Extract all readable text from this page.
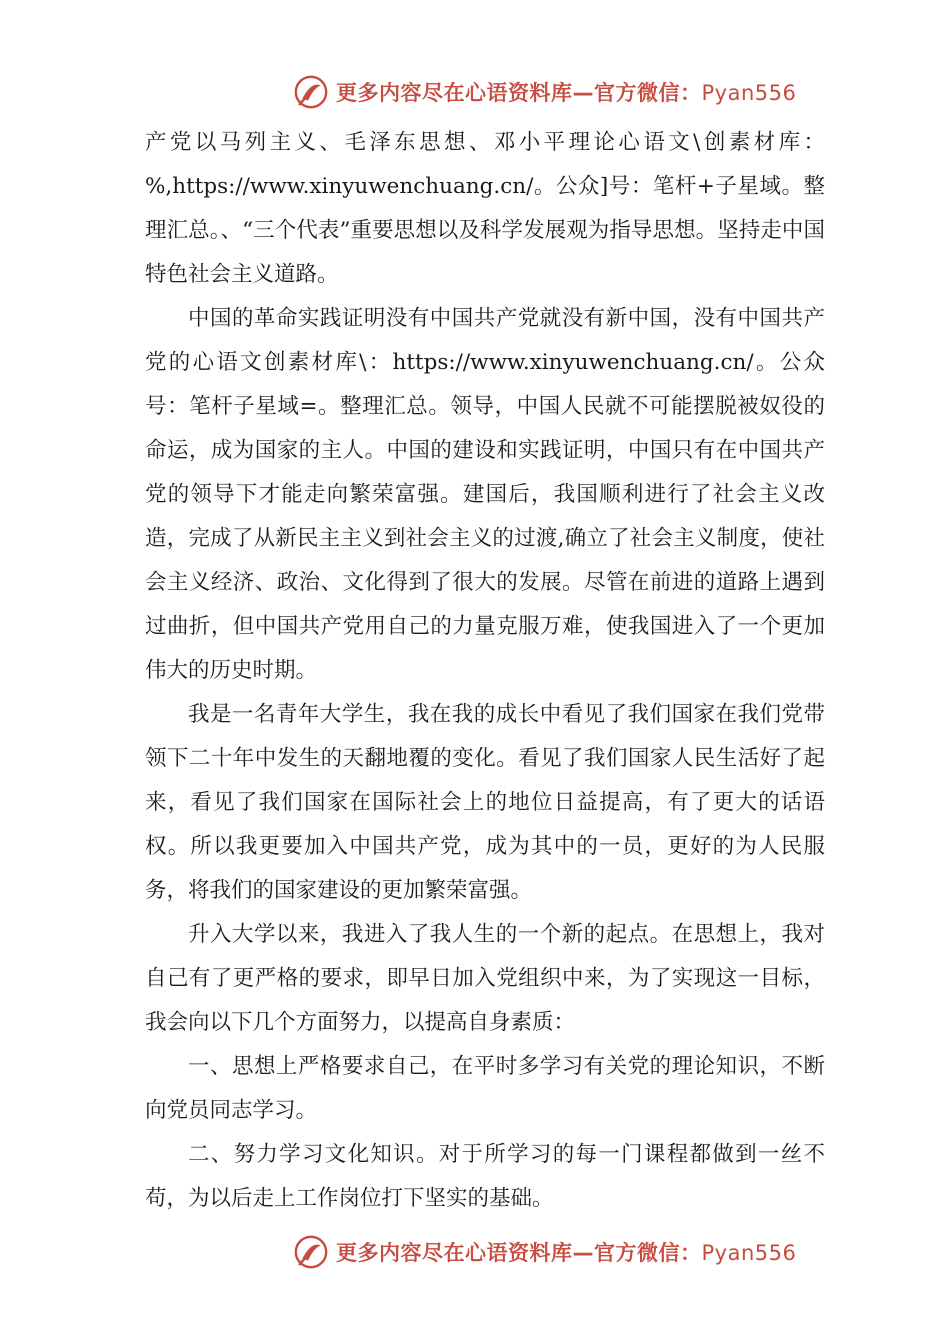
更多内容尽在心语资料库—官方微信：Pyan556

产党以马列主义、毛泽东思想、邓小平理论心语文\创素材库：%,https://www.xinyuwenchuang.cn/。公众]号：笔杆+子星域。整理汇总。、“三个代表”重要思想以及科学发展观为指导思想。坚持走中国特色社会主义道路。

中国的革命实践证明没有中国共产党就没有新中国，没有中国共产党的心语文创素材库\：https://www.xinyuwenchuang.cn/。公众号：笔杆子星域=。整理汇总。领导，中国人民就不可能摆脱被奴役的命运，成为国家的主人。中国的建设和实践证明，中国只有在中国共产党的领导下才能走向繁荣富强。建国后，我国顺利进行了社会主义改造，完成了从新民主主义到社会主义的过渡,确立了社会主义制度，使社会主义经济、政治、文化得到了很大的发展。尽管在前进的道路上遇到过曲折，但中国共产党用自己的力量克服万难，使我国进入了一个更加伟大的历史时期。

我是一名青年大学生，我在我的成长中看见了我们国家在我们党带领下二十年中发生的天翻地覆的变化。看见了我们国家人民生活好了起来，看见了我们国家在国际社会上的地位日益提高，有了更大的话语权。所以我更要加入中国共产党，成为其中的一员，更好的为人民服务，将我们的国家建设的更加繁荣富强。

升入大学以来，我进入了我人生的一个新的起点。在思想上，我对自己有了更严格的要求，即早日加入党组织中来，为了实现这一目标，我会向以下几个方面努力，以提高自身素质：

一、思想上严格要求自己，在平时多学习有关党的理论知识，不断向党员同志学习。

二、努力学习文化知识。对于所学习的每一门课程都做到一丝不苟，为以后走上工作岗位打下坚实的基础。

更多内容尽在心语资料库—官方微信：Pyan556
